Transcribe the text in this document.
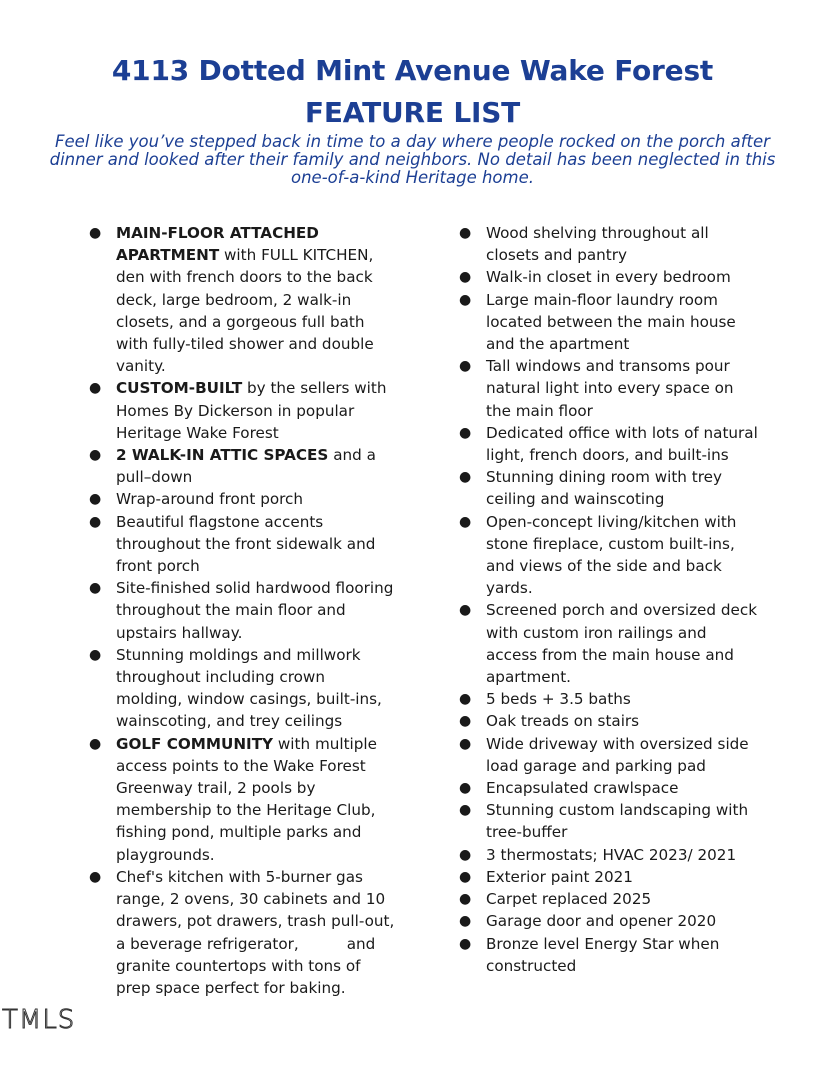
4113 Dotted Mint Avenue Wake Forest
FEATURE LIST
Feel like you’ve stepped back in time to a day where people rocked on the porch after dinner and looked after their family and neighbors. No detail has been neglected in this one-of-a-kind Heritage home.
● MAIN-FLOOR ATTACHED APARTMENT with FULL KITCHEN, den with french doors to the back deck, large bedroom, 2 walk-in closets, and a gorgeous full bath with fully-tiled shower and double vanity.
● CUSTOM-BUILT by the sellers with Homes By Dickerson in popular Heritage Wake Forest
● 2 WALK-IN ATTIC SPACES and a pull–down
● Wrap-around front porch
● Beautiful flagstone accents throughout the front sidewalk and front porch
● Site-finished solid hardwood flooring throughout the main floor and upstairs hallway.
● Stunning moldings and millwork throughout including crown molding, window casings, built-ins, wainscoting, and trey ceilings
● GOLF COMMUNITY with multiple access points to the Wake Forest Greenway trail, 2 pools by membership to the Heritage Club, fishing pond, multiple parks and playgrounds.
● Chef's kitchen with 5-burner gas range, 2 ovens, 30 cabinets and 10 drawers, pot drawers, trash pull-out, a beverage refrigerator,	and granite countertops with tons of prep space perfect for baking.
● Wood shelving throughout all closets and pantry
● Walk-in closet in every bedroom
● Large main-floor laundry room located between the main house and the apartment
● Tall windows and transoms pour natural light into every space on the main floor
● Dedicated office with lots of natural light, french doors, and built-ins
● Stunning dining room with trey ceiling and wainscoting
● Open-concept living/kitchen with stone fireplace, custom built-ins, and views of the side and back yards.
● Screened porch and oversized deck with custom iron railings and access from the main house and apartment.
● 5 beds + 3.5 baths
● Oak treads on stairs
● Wide driveway with oversized side load garage and parking pad
● Encapsulated crawlspace
● Stunning custom landscaping with tree-buffer
● 3 thermostats; HVAC 2023/ 2021
● Exterior paint 2021
● Carpet replaced 2025
● Garage door and opener 2020
● Bronze level Energy Star when constructed
TMLS
